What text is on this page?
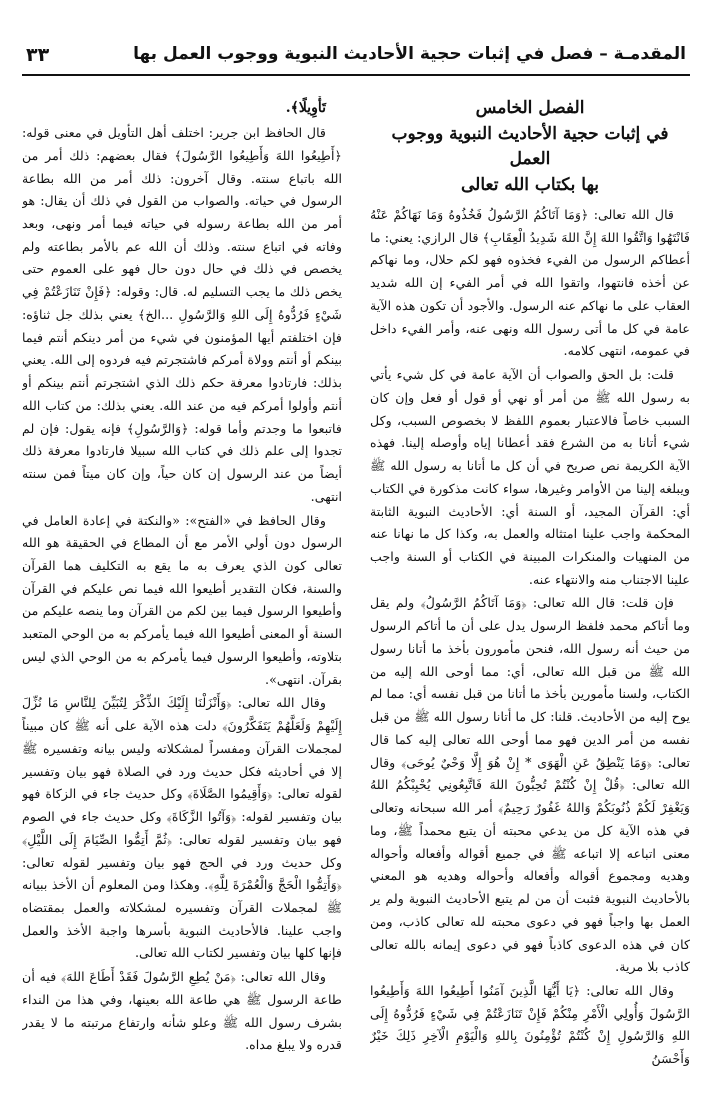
٣٣	المقدمـة – فصل في إثبات حجية الأحاديث النبوية ووجوب العمل بها
الفصل الخامس
في إثبات حجية الأحاديث النبوية ووجوب العمل
بها بكتاب الله تعالى

قال الله تعالى: ﴿وَمَا آتَاكُمُ الرَّسُولُ فَخُذُوهُ وَمَا نَهَاكُمْ عَنْهُ فَانْتَهُوا وَاتَّقُوا اللهَ إِنَّ اللهَ شَدِيدُ الْعِقَابِ﴾ قال الرازي: يعني: ما أعطاكم الرسول من الفيء فخذوه فهو لكم حلال، وما نهاكم عن أخذه فانتهوا، واتقوا الله في أمر الفيء إن الله شديد العقاب على ما نهاكم عنه الرسول. والأجود أن تكون هذه الآية عامة في كل ما أتى رسول الله ونهى عنه، وأمر الفيء داخل في عمومه، انتهى كلامه.

قلت: بل الحق والصواب أن الآية عامة في كل شيء يأتي به رسول الله ﷺ من أمر أو نهي أو قول أو فعل وإن كان السبب خاصاً فالاعتبار بعموم اللفظ لا بخصوص السبب، وكل شيء أتانا به من الشرع فقد أعطانا إياه وأوصله إلينا. فهذه الآية الكريمة نص صريح في أن كل ما أتانا به رسول الله ﷺ ويبلغه إلينا من الأوامر وغيرها، سواء كانت مذكورة في الكتاب أي: القرآن المجيد، أو السنة أي: الأحاديث النبوية الثابتة المحكمة واجب علينا امتثاله والعمل به، وكذا كل ما نهانا عنه من المنهيات والمنكرات المبينة في الكتاب أو السنة واجب علينا الاجتناب منه والانتهاء عنه.

فإن قلت: قال الله تعالى: ﴿وَمَا آتَاكُمُ الرَّسُولُ﴾ ولم يقل وما أتاكم محمد فلفظ الرسول يدل على أن ما أتاكم الرسول من حيث أنه رسول الله، فنحن مأمورون بأخذ ما أتانا رسول الله ﷺ من قبل الله تعالى، أي: مما أوحى الله إليه من الكتاب، ولسنا مأمورين بأخذ ما أتانا من قبل نفسه أي: مما لم يوح إليه من الأحاديث. قلنا: كل ما أتانا رسول الله ﷺ من قبل نفسه من أمر الدين فهو مما أوحى الله تعالى إليه كما قال تعالى: ﴿وَمَا يَنْطِقُ عَنِ الْهَوَى * إِنْ هُوَ إِلَّا وَحْيٌ يُوحَى﴾ وقال الله تعالى: ﴿قُلْ إِنْ كُنْتُمْ تُحِبُّونَ اللهَ فَاتَّبِعُونِي يُحْبِبْكُمُ اللهُ وَيَغْفِرْ لَكُمْ ذُنُوبَكُمْ وَاللهُ غَفُورٌ رَحِيمٌ﴾ أمر الله سبحانه وتعالى في هذه الآية كل من يدعي محبته أن يتبع محمداً ﷺ، وما معنى اتباعه إلا اتباعه ﷺ في جميع أقواله وأفعاله وأحواله وهديه ومجموع أقواله وأفعاله وأحواله وهديه هو المعني بالأحاديث النبوية فثبت أن من لم يتبع الأحاديث النبوية ولم ير العمل بها واجباً فهو في دعوى محبته لله تعالى كاذب، ومن كان في هذه الدعوى كاذباً فهو في دعوى إيمانه بالله تعالى كاذب بلا مرية.

وقال الله تعالى: ﴿يَا أَيُّهَا الَّذِينَ آمَنُوا أَطِيعُوا اللهَ وَأَطِيعُوا الرَّسُولَ وَأُولِي الْأَمْرِ مِنْكُمْ فَإِنْ تَنَازَعْتُمْ فِي شَيْءٍ فَرُدُّوهُ إِلَى اللهِ وَالرَّسُولِ إِنْ كُنْتُمْ تُؤْمِنُونَ بِاللهِ وَالْيَوْمِ الْآخِرِ ذَلِكَ خَيْرٌ وَأَحْسَنُ

تَأْوِيلًا﴾.

قال الحافظ ابن جرير: اختلف أهل التأويل في معنى قوله: ﴿أَطِيعُوا اللهَ وَأَطِيعُوا الرَّسُولَ﴾ فقال بعضهم: ذلك أمر من الله باتباع سنته. وقال آخرون: ذلك أمر من الله بطاعة الرسول في حياته. والصواب من القول في ذلك أن يقال: هو أمر من الله بطاعة رسوله في حياته فيما أمر ونهى، وبعد وفاته في اتباع سنته. وذلك أن الله عم بالأمر بطاعته ولم يخصص في ذلك في حال دون حال فهو على العموم حتى يخص ذلك ما يجب التسليم له. قال: وقوله: ﴿فَإِنْ تَنَازَعْتُمْ فِي شَيْءٍ فَرُدُّوهُ إِلَى اللهِ وَالرَّسُولِ ...الخ﴾ يعني بذلك جل ثناؤه: فإن اختلفتم أيها المؤمنون في شيء من أمر دينكم أنتم فيما بينكم أو أنتم وولاة أمركم فاشتجرتم فيه فردوه إلى الله. يعني بذلك: فارتادوا معرفة حكم ذلك الذي اشتجرتم أنتم بينكم أو أنتم وأولوا أمركم فيه من عند الله. يعني بذلك: من كتاب الله فاتبعوا ما وجدتم وأما قوله: ﴿وَالرَّسُولِ﴾ فإنه يقول: فإن لم تجدوا إلى علم ذلك في كتاب الله سبيلا فارتادوا معرفة ذلك أيضاً من عند الرسول إن كان حياً، وإن كان ميتاً فمن سنته انتهى.

وقال الحافظ في «الفتح»: «والنكتة في إعادة العامل في الرسول دون أولي الأمر مع أن المطاع في الحقيقة هو الله تعالى كون الذي يعرف به ما يقع به التكليف هما القرآن والسنة، فكان التقدير أطيعوا الله فيما نص عليكم في القرآن وأطيعوا الرسول فيما بين لكم من القرآن وما ينصه عليكم من السنة أو المعنى أطيعوا الله فيما يأمركم به من الوحي المتعبد بتلاوته، وأطيعوا الرسول فيما يأمركم به من الوحي الذي ليس بقرآن. انتهى».

وقال الله تعالى: ﴿وَأَنْزَلْنَا إِلَيْكَ الذِّكْرَ لِتُبَيِّنَ لِلنَّاسِ مَا نُزِّلَ إِلَيْهِمْ وَلَعَلَّهُمْ يَتَفَكَّرُونَ﴾ دلت هذه الآية على أنه ﷺ كان مبيناً لمجملات القرآن ومفسراً لمشكلاته وليس بيانه وتفسيره ﷺ إلا في أحاديثه فكل حديث ورد في الصلاة فهو بيان وتفسير لقوله تعالى: ﴿وَأَقِيمُوا الصَّلَاةَ﴾ وكل حديث جاء في الزكاة فهو بيان وتفسير لقوله: ﴿وَآتُوا الزَّكَاةَ﴾ وكل حديث جاء في الصوم فهو بيان وتفسير لقوله تعالى: ﴿ثُمَّ أَتِمُّوا الصِّيَامَ إِلَى اللَّيْلِ﴾ وكل حديث ورد في الحج فهو بيان وتفسير لقوله تعالى: ﴿وَأَتِمُّوا الْحَجَّ وَالْعُمْرَةَ لِلَّهِ﴾. وهكذا ومن المعلوم أن الأخذ ببيانه ﷺ لمجملات القرآن وتفسيره لمشكلاته والعمل بمقتضاه واجب علينا. فالأحاديث النبوية بأسرها واجبة الأخذ والعمل فإنها كلها بيان وتفسير لكتاب الله تعالى.

وقال الله تعالى: ﴿مَنْ يُطِعِ الرَّسُولَ فَقَدْ أَطَاعَ اللهَ﴾ فيه أن طاعة الرسول ﷺ هي طاعة الله بعينها، وفي هذا من النداء بشرف رسول الله ﷺ وعلو شأنه وارتفاع مرتبته ما لا يقدر قدره ولا يبلغ مداه.
